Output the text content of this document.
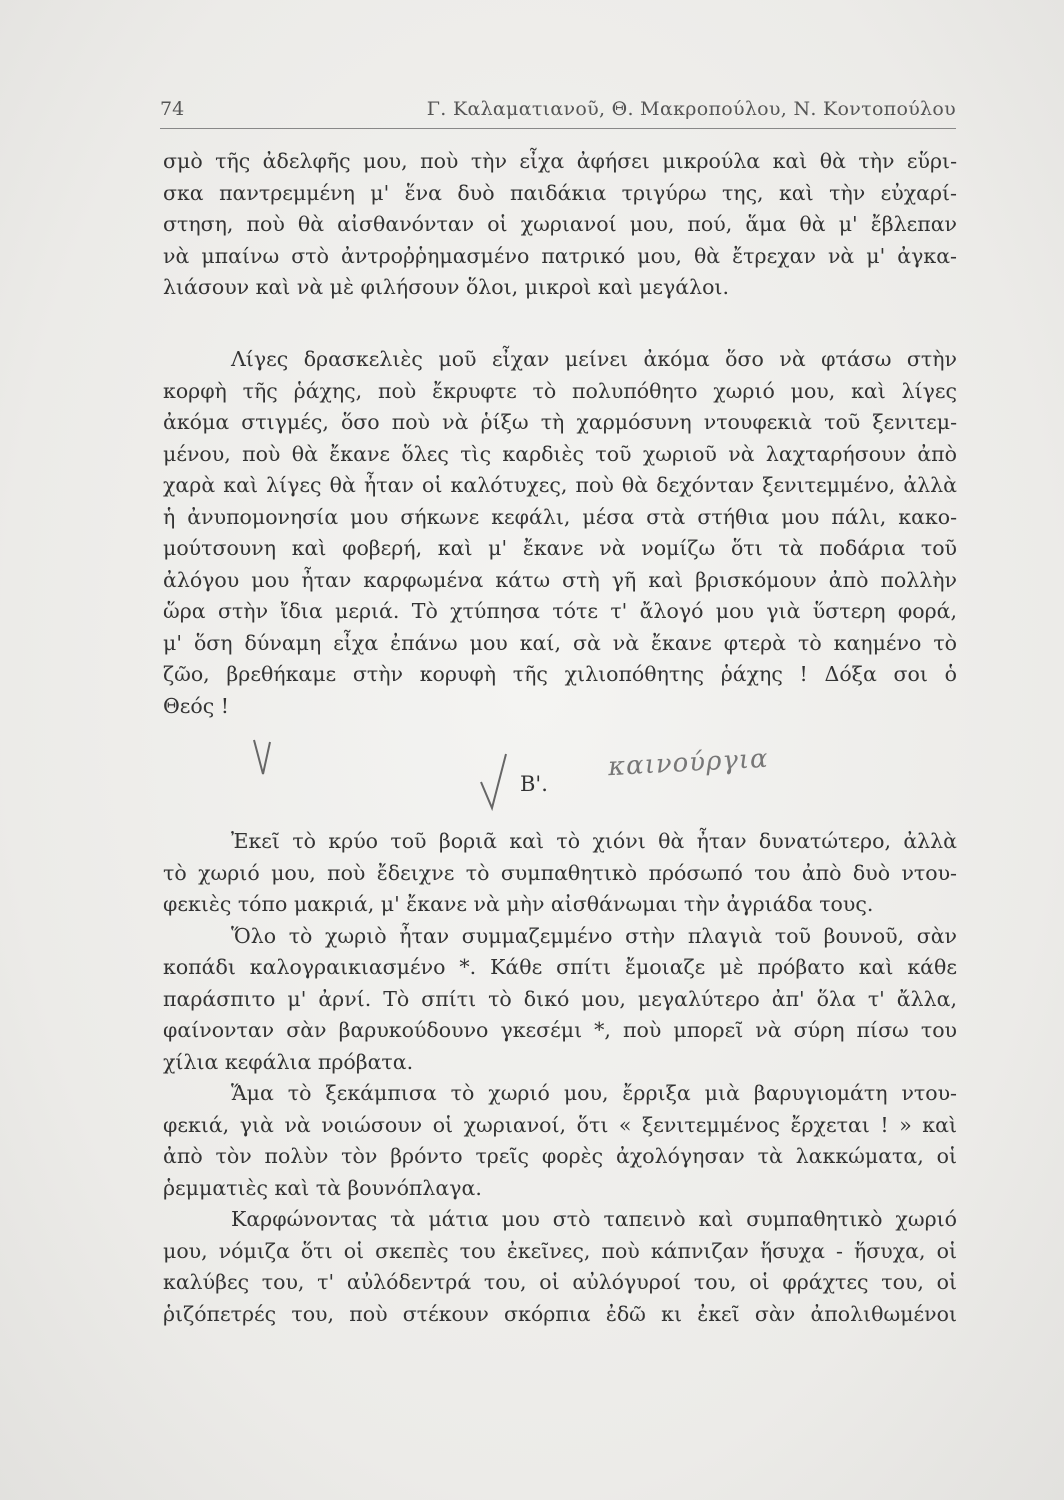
74	Γ. Καλαματιανοῦ, Θ. Μακροπούλου, Ν. Κοντοπούλου
σμὸ τῆς ἀδελφῆς μου, ποὺ τὴν εἶχα ἀφήσει μικρούλα καὶ θὰ τὴν εὕρι-
σκα παντρεμμένη μ' ἕνα δυὸ παιδάκια τριγύρω της, καὶ τὴν εὐχαρί-
στηση, ποὺ θὰ αἰσθανόνταν οἱ χωριανοί μου, πού, ἅμα θὰ μ' ἔβλεπαν
νὰ μπαίνω στὸ ἀντροῤῥημασμένο πατρικό μου, θὰ ἔτρεχαν νὰ μ' ἀγκα-
λιάσουν καὶ νὰ μὲ φιλήσουν ὅλοι, μικροὶ καὶ μεγάλοι.
Λίγες δρασκελιὲς μοῦ εἶχαν μείνει ἀκόμα ὅσο νὰ φτάσω στὴν
κορφὴ τῆς ῥάχης, ποὺ ἔκρυφτε τὸ πολυπόθητο χωριό μου, καὶ λίγες
ἀκόμα στιγμές, ὅσο ποὺ νὰ ῥίξω τὴ χαρμόσυνη ντουφεκιὰ τοῦ ξενιτεμ-
μένου, ποὺ θὰ ἔκανε ὅλες τὶς καρδιὲς τοῦ χωριοῦ νὰ λαχταρήσουν ἀπὸ
χαρὰ καὶ λίγες θὰ ἦταν οἱ καλότυχες, ποὺ θὰ δεχόνταν ξενιτεμμένο, ἀλλὰ
ἡ ἀνυπομονησία μου σήκωνε κεφάλι, μέσα στὰ στήθια μου πάλι, κακο-
μούτσουνη καὶ φοβερή, καὶ μ' ἔκανε νὰ νομίζω ὅτι τὰ ποδάρια τοῦ
ἀλόγου μου ἦταν καρφωμένα κάτω στὴ γῆ καὶ βρισκόμουν ἀπὸ πολλὴν
ὥρα στὴν ἴδια μεριά. Τὸ χτύπησα τότε τ' ἄλογό μου γιὰ ὕστερη φορά,
μ' ὅση δύναμη εἶχα ἐπάνω μου καί, σὰ νὰ ἔκανε φτερὰ τὸ καημένο τὸ
ζῶο, βρεθήκαμε στὴν κορυφὴ τῆς χιλιοπόθητης ῥάχης ! Δόξα σοι ὁ
Θεός !
Β'.
καινούργια
Ἐκεῖ τὸ κρύο τοῦ βοριᾶ καὶ τὸ χιόνι θὰ ἦταν δυνατώτερο, ἀλλὰ
τὸ χωριό μου, ποὺ ἔδειχνε τὸ συμπαθητικὸ πρόσωπό του ἀπὸ δυὸ ντου-
φεκιὲς τόπο μακριά, μ' ἔκανε νὰ μὴν αἰσθάνωμαι τὴν ἀγριάδα τους.
Ὅλο τὸ χωριὸ ἦταν συμμαζεμμένο στὴν πλαγιὰ τοῦ βουνοῦ, σὰν
κοπάδι καλογραικιασμένο *. Κάθε σπίτι ἔμοιαζε μὲ πρόβατο καὶ κάθε
παράσπιτο μ' ἀρνί. Τὸ σπίτι τὸ δικό μου, μεγαλύτερο ἀπ' ὅλα τ' ἄλλα,
φαίνονταν σὰν βαρυκούδουνο γκεσέμι *, ποὺ μπορεῖ νὰ σύρη πίσω του
χίλια κεφάλια πρόβατα.
Ἅμα τὸ ξεκάμπισα τὸ χωριό μου, ἔρριξα μιὰ βαρυγιομάτη ντου-
φεκιά, γιὰ νὰ νοιώσουν οἱ χωριανοί, ὅτι « ξενιτεμμένος ἔρχεται ! » καὶ
ἀπὸ τὸν πολὺν τὸν βρόντο τρεῖς φορὲς ἀχολόγησαν τὰ λακκώματα, οἱ
ῥεμματιὲς καὶ τὰ βουνόπλαγα.
Καρφώνοντας τὰ μάτια μου στὸ ταπεινὸ καὶ συμπαθητικὸ χωριό
μου, νόμιζα ὅτι οἱ σκεπὲς του ἐκεῖνες, ποὺ κάπνιζαν ἥσυχα - ἥσυχα, οἱ
καλύβες του, τ' αὐλόδεντρά του, οἱ αὐλόγυροί του, οἱ φράχτες του, οἱ
ῥιζόπετρές του, ποὺ στέκουν σκόρπια ἐδῶ κι ἐκεῖ σὰν ἀπολιθωμένοι
